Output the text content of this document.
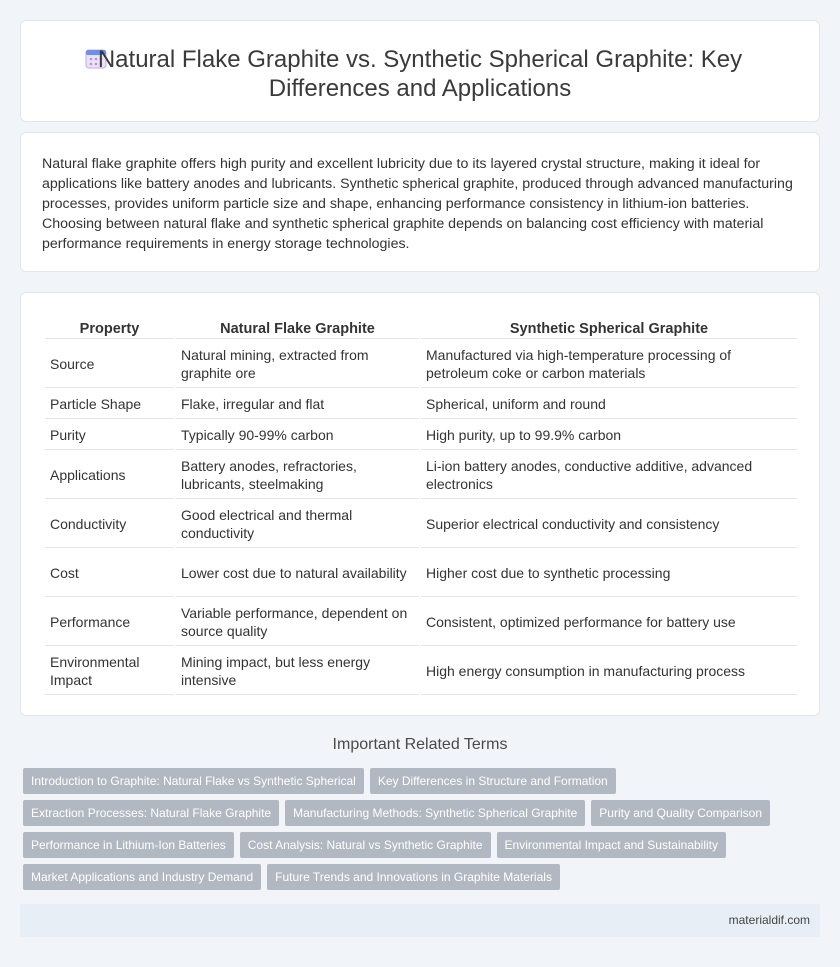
Natural Flake Graphite vs. Synthetic Spherical Graphite: Key Differences and Applications

Natural flake graphite offers high purity and excellent lubricity due to its layered crystal structure, making it ideal for applications like battery anodes and lubricants. Synthetic spherical graphite, produced through advanced manufacturing processes, provides uniform particle size and shape, enhancing performance consistency in lithium-ion batteries. Choosing between natural flake and synthetic spherical graphite depends on balancing cost efficiency with material performance requirements in energy storage technologies.

Property	Natural Flake Graphite	Synthetic Spherical Graphite
Source	Natural mining, extracted from graphite ore	Manufactured via high-temperature processing of petroleum coke or carbon materials
Particle Shape	Flake, irregular and flat	Spherical, uniform and round
Purity	Typically 90-99% carbon	High purity, up to 99.9% carbon
Applications	Battery anodes, refractories, lubricants, steelmaking	Li-ion battery anodes, conductive additive, advanced electronics
Conductivity	Good electrical and thermal conductivity	Superior electrical conductivity and consistency
Cost	Lower cost due to natural availability	Higher cost due to synthetic processing
Performance	Variable performance, dependent on source quality	Consistent, optimized performance for battery use
Environmental Impact	Mining impact, but less energy intensive	High energy consumption in manufacturing process
Important Related Terms
Introduction to Graphite: Natural Flake vs Synthetic Spherical	Key Differences in Structure and Formation
Extraction Processes: Natural Flake Graphite	Manufacturing Methods: Synthetic Spherical Graphite	Purity and Quality Comparison
Performance in Lithium-Ion Batteries	Cost Analysis: Natural vs Synthetic Graphite	Environmental Impact and Sustainability
Market Applications and Industry Demand	Future Trends and Innovations in Graphite Materials
materialdif.com
